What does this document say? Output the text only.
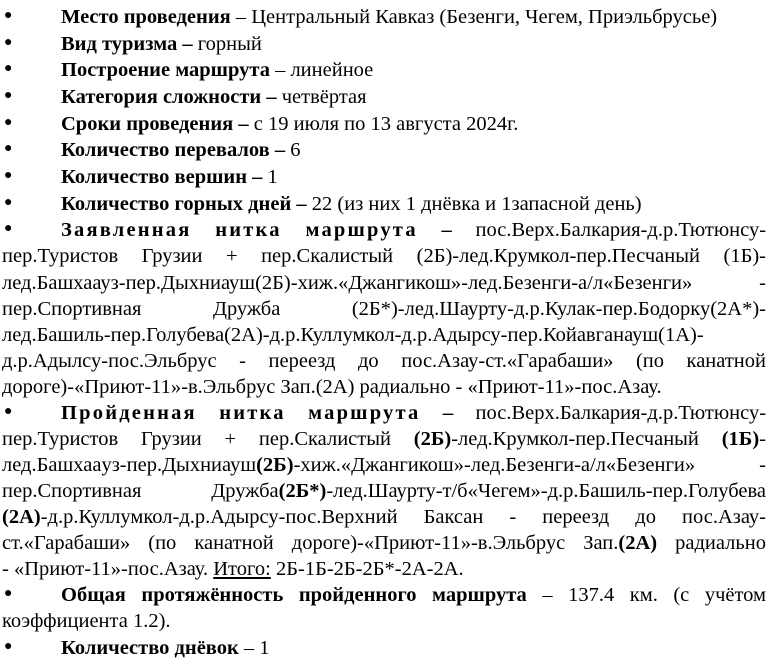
● Место проведения – Центральный Кавказ (Безенги, Чегем, Приэльбрусье)
● Вид туризма – горный
● Построение маршрута – линейное
● Категория сложности – четвёртая
● Сроки проведения – с 19 июля по 13 августа 2024г.
● Количество перевалов – 6
● Количество вершин – 1
● Количество горных дней – 22 (из них 1 днёвка и 1запасной день)
● Заявленная нитка маршрута – пос.Верх.Балкария-д.р.Тютюнсу-
пер.Туристов Грузии + пер.Скалистый (2Б)-лед.Крумкол-пер.Песчаный (1Б)-
лед.Башхаауз-пер.Дыхниауш(2Б)-хиж.«Джангикош»-лед.Безенги-а/л«Безенги» -
пер.Спортивная Дружба (2Б*)-лед.Шаурту-д.р.Кулак-пер.Бодорку(2А*)-
лед.Башиль-пер.Голубева(2А)-д.р.Куллумкол-д.р.Адырсу-пер.Койавганауш(1А)-
д.р.Адылсу-пос.Эльбрус - переезд до пос.Азау-ст.«Гарабаши» (по канатной
дороге)-«Приют-11»-в.Эльбрус Зап.(2А) радиально - «Приют-11»-пос.Азау.
● Пройденная нитка маршрута – пос.Верх.Балкария-д.р.Тютюнсу-
пер.Туристов Грузии + пер.Скалистый (2Б)-лед.Крумкол-пер.Песчаный (1Б)-
лед.Башхааyз-пер.Дыхниауш(2Б)-хиж.«Джангикош»-лед.Безенги-а/л«Безенги» -
пер.Спортивная Дружба(2Б*)-лед.Шаурту-т/б«Чегем»-д.р.Башиль-пер.Голубева
(2А)-д.р.Куллумкол-д.р.Адырсу-пос.Верхний Баксан - переезд до пос.Азау-
ст.«Гарабаши» (по канатной дороге)-«Приют-11»-в.Эльбрус Зап.(2А) радиально
- «Приют-11»-пос.Азау. Итого: 2Б-1Б-2Б-2Б*-2А-2А.
● Общая протяжённость пройденного маршрута – 137.4 км. (с учётом
коэффициента 1.2).
● Количество днёвок – 1
